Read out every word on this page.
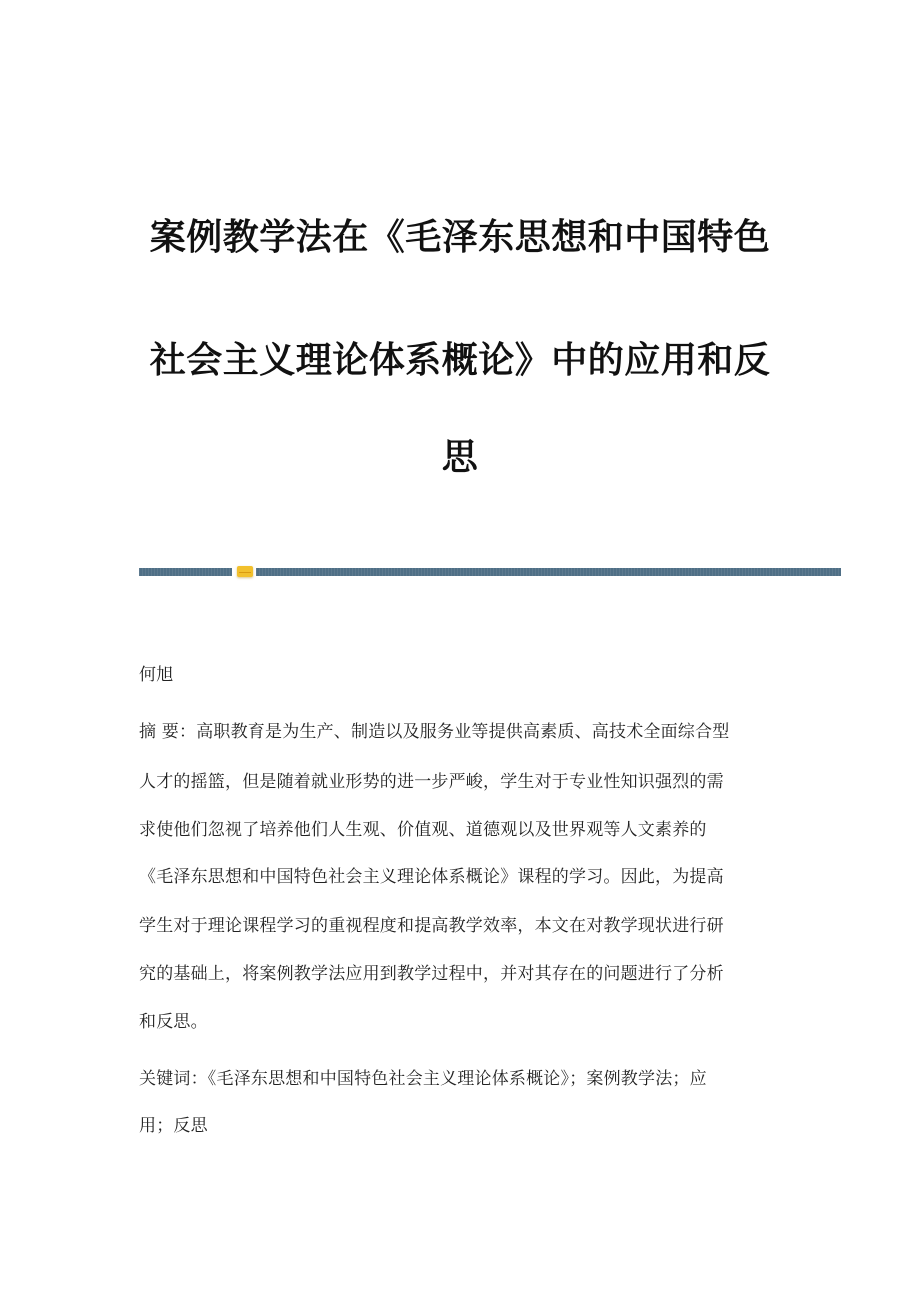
案例教学法在《毛泽东思想和中国特色
社会主义理论体系概论》中的应用和反
思
何旭
摘 要：高职教育是为生产、制造以及服务业等提供高素质、高技术全面综合型
人才的摇篮，但是随着就业形势的进一步严峻，学生对于专业性知识强烈的需
求使他们忽视了培养他们人生观、价值观、道德观以及世界观等人文素养的
《毛泽东思想和中国特色社会主义理论体系概论》课程的学习。因此，为提高
学生对于理论课程学习的重视程度和提高教学效率，本文在对教学现状进行研
究的基础上，将案例教学法应用到教学过程中，并对其存在的问题进行了分析
和反思。
关键词：《毛泽东思想和中国特色社会主义理论体系概论》；案例教学法；应
用；反思
